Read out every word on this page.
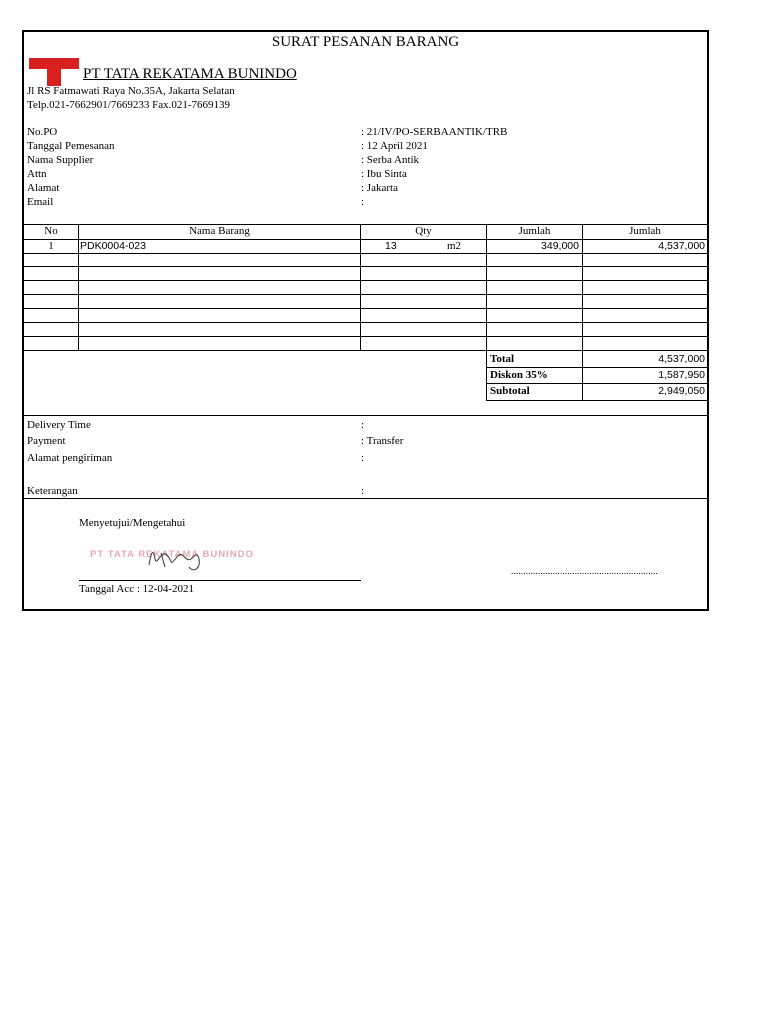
SURAT PESANAN BARANG
PT TATA REKATAMA BUNINDO
Jl RS Fatmawati Raya No.35A, Jakarta Selatan
Telp.021-7662901/7669233 Fax.021-7669139
No.PO	: 21/IV/PO-SERBAANTIK/TRB
Tanggal Pemesanan	: 12 April 2021
Nama Supplier	: Serba Antik
Attn	: Ibu Sinta
Alamat	: Jakarta
Email	:
No	Nama Barang	Qty	Jumlah	Jumlah
1	PDK0004-023	13	m2	349,000	4,537,000
Total	4,537,000
Diskon 35%	1,587,950
Subtotal	2,949,050
Delivery Time	:
Payment	: Transfer
Alamat pengiriman	:
Keterangan	:
Menyetujui/Mengetahui
PT TATA REKATAMA BUNINDO
Tanggal Acc : 12-04-2021
............................................................
